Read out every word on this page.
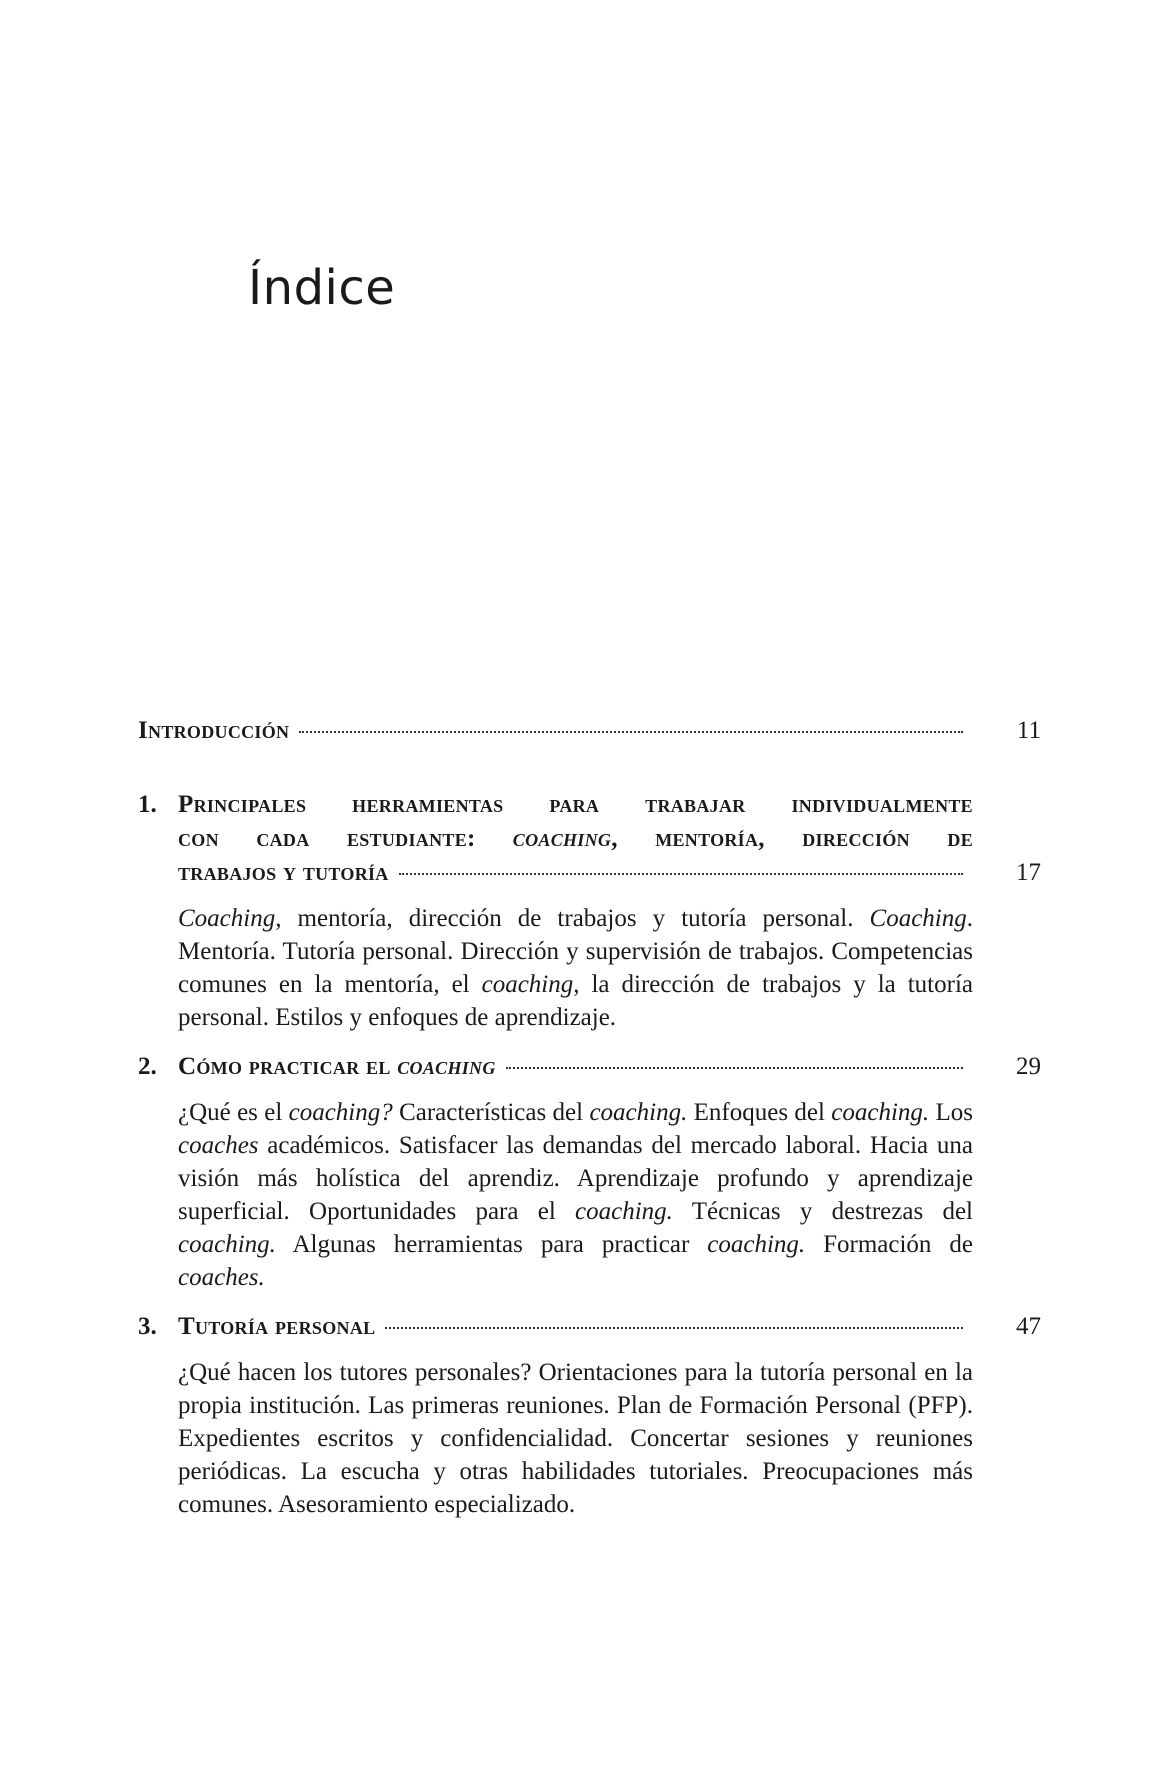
Índice
Introducción	11
1. Principales herramientas para trabajar individualmente
con cada estudiante: coaching, mentoría, dirección de
trabajos y tutoría	17

Coaching, mentoría, dirección de trabajos y tutoría personal. Coaching. Mentoría. Tutoría personal. Dirección y supervisión de trabajos. Competencias comunes en la mentoría, el coaching, la dirección de trabajos y la tutoría personal. Estilos y enfoques de aprendizaje.

2. Cómo practicar el coaching	29

¿Qué es el coaching? Características del coaching. Enfoques del coaching. Los coaches académicos. Satisfacer las demandas del mercado laboral. Hacia una visión más holística del aprendiz. Aprendizaje profundo y aprendizaje superficial. Oportunidades para el coaching. Técnicas y destrezas del coaching. Algunas herramientas para practicar coaching. Formación de coaches.

3. Tutoría personal	47

¿Qué hacen los tutores personales? Orientaciones para la tutoría personal en la propia institución. Las primeras reuniones. Plan de Formación Personal (PFP). Expedientes escritos y confidencialidad. Concertar sesiones y reuniones periódicas. La escucha y otras habilidades tutoriales. Preocupaciones más comunes. Asesoramiento especializado.
